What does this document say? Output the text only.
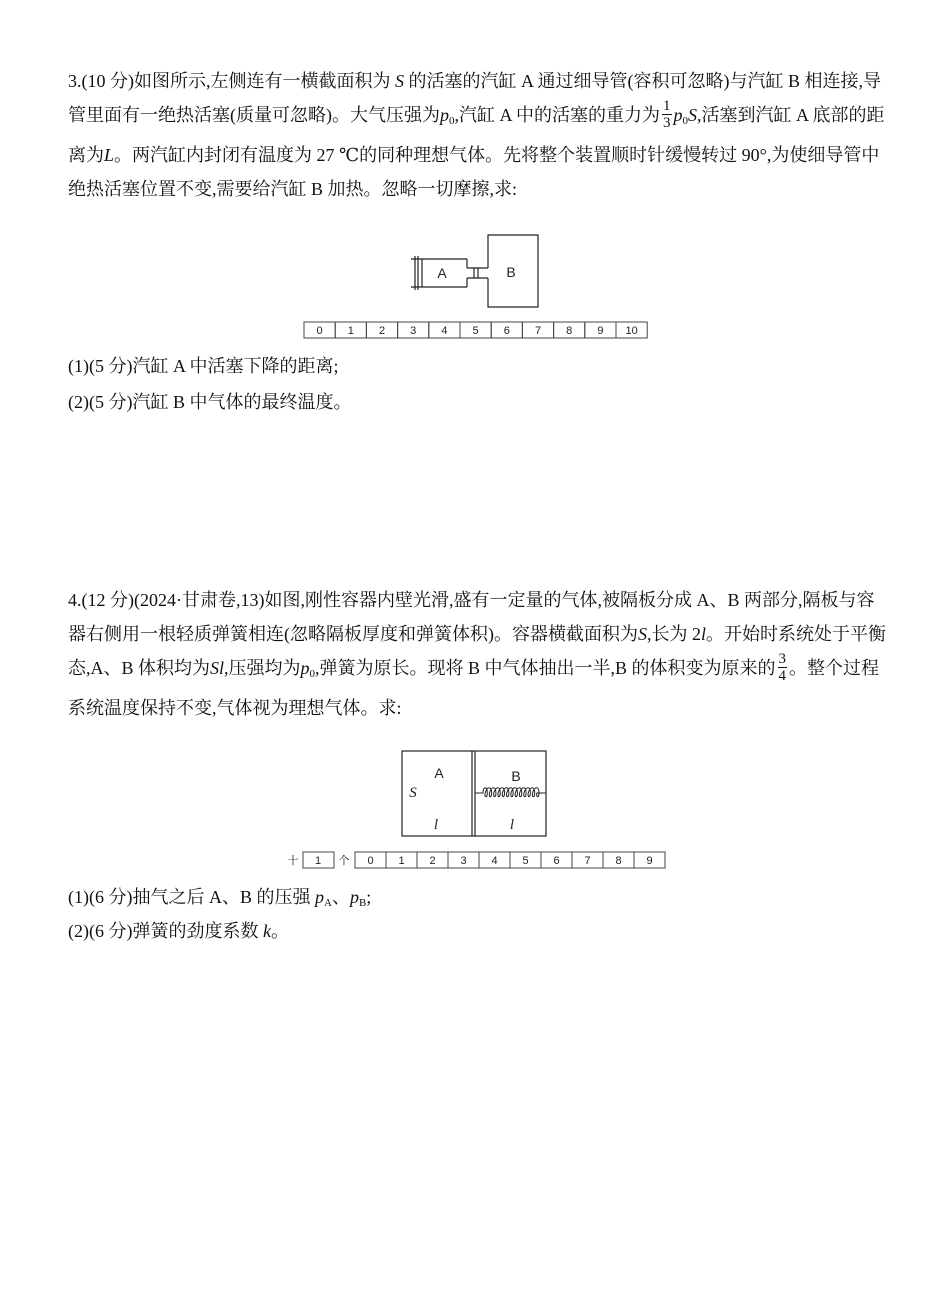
3.(10 分)如图所示,左侧连有一横截面积为 S 的活塞的汽缸 A 通过细导管(容积可忽略)与汽缸 B 相连接,导管里面有一绝热活塞(质量可忽略)。大气压强为$p_0$,汽缸 A 中的活塞的重力为 $\frac{1}{3} p_0S$,活塞到汽缸 A 底部的距离为L。两汽缸内封闭有温度为 27 ℃的同种理想气体。先将整个装置顺时针缓慢转过 90°,为使细导管中绝热活塞位置不变,需要给汽缸 B 加热。忽略一切摩擦,求:

A	B
0 1 2 3 4 5 6 7 8 9 10
(1)(5 分)汽缸 A 中活塞下降的距离;
(2)(5 分)汽缸 B 中气体的最终温度。

4.(12 分)(2024·甘肃卷,13)如图,刚性容器内壁光滑,盛有一定量的气体,被隔板分成 A、B 两部分,隔板与容器右侧用一根轻质弹簧相连(忽略隔板厚度和弹簧体积)。容器横截面积为S,长为 2l。开始时系统处于平衡态,A、B 体积均为Sl,压强均为$p_0$,弹簧为原长。现将 B 中气体抽出一半,B 的体积变为原来的 $\frac{3}{4}$ 。整个过程系统温度保持不变,气体视为理想气体。求:

A	B
S
l	l
十 1 个 0 1 2 3 4 5 6 7 8 9
(1)(6 分)抽气之后 A、B 的压强 $p_A$、$p_B$;
(2)(6 分)弹簧的劲度系数 k。
